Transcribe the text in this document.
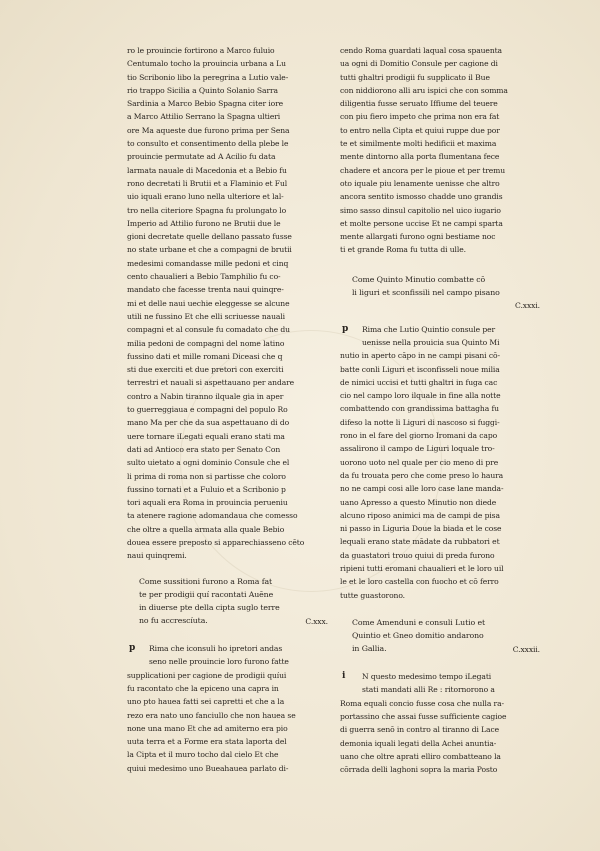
ro le prouincie fortirono a Marco fuluio
Centumalo tocho la prouincia urbana a Lu
tio Scribonio libo la peregrina a Lutio vale-
rio trappo Sicilia a Quinto Solanio Sarra
Sardinia a Marco Bebio Spagna citer iore
a Marco Attilio Serrano la Spagna ultieri
ore Ma aqueste due furono prima per Sena
to consulto et consentimento della plebe le
prouincie permutate ad A Acilio fu data
larmata nauale di Macedonia et a Bebio fu
rono decretati li Brutii et a Flaminio et Ful
uio iquali erano luno nella ulteriore et lal-
tro nella citeriore Spagna fu prolungato lo
Imperio ad Attilio furono ne Brutii due le
gioni decretate quelle dellano passato fusse
no state urbane et che a compagni de brutii
medesimi comandasse mille pedoni et cinq
cento chaualieri a Bebio Tamphilio fu co-
mandato che facesse trenta naui quinqre-
mi et delle naui uechie eleggesse se alcune
utili ne fussino Et che elli scriuesse nauali
compagni et al consule fu comadato che du
milia pedoni de compagni del nome latino
fussino dati et mille romani Diceasi che q
sti due exerciti et due pretori con exerciti
terrestri et nauali si aspettauano per andare
contro a Nabin tiranno ilquale gia in aper
to guerreggiaua e compagni del populo Ro
mano Ma per che da sua aspettauano di do
uere tornare iLegati equali erano stati ma
dati ad Antioco era stato per Senato Con
sulto uietato a ogni dominio Consule che el
li prima di roma non si partisse che coloro
fussino tornati et a Fuluio et a Scribonio p
tori aquali era Roma in prouincia perueniu
ta atenere ragione adomandaua che comesso
che oltre a quella armata alla quale Bebio
douea essere preposto si apparechiasseno cēto
naui quinqremi.
Come sussitioni furono a Roma fat
te per prodigii quí racontati Auēne
in diuerse pte della cipta suglo terre
no fu accrescíuta.	C.xxx.
p	Rima che iconsuli ho ipretori andas
seno nelle prouincie loro furono fatte
supplicationi per cagione de prodigii quíui
fu racontato che la epiceno una capra in
uno pto hauea fatti sei capretti et che a la
rezo era nato uno fanciullo che non hauea se
none una mano Et che ad amiterno era pio
uuta terra et a Forme era stata laporta del
la Cipta et il muro tocho dal cielo Et che
quiui medesimo uno Bueahauea parlato di-
cendo Roma guardati laqual cosa spauenta
ua ogni di Domitio Consule per cagione di
tutti ghaltri prodigii fu supplicato il Bue
con niddiorono alli aru ispici che con somma
diligentia fusse seruato Iffiume del teuere
con piu fiero impeto che prima non era fat
to entro nella Cipta et quiui ruppe due por
te et similmente molti hedificii et maxima
mente dintorno alla porta flumentana fece
chadere et ancora per le pioue et per tremu
oto iquale piu lenamente uenisse che altro
ancora sentito ismosso chadde uno grandis
simo sasso dinsul capitolio nel uico iugario
et molte persone uccise Et ne campi sparta
mente allargati furono ogni bestiame noc
ti et grande Roma fu tutta di ulle.
Come Quinto Minutio combatte cō
li liguri et sconfissili nel campo pisano
C.xxxi.
p	Rima che Lutio Quintio consule per
uenisse nella prouicia sua Quinto Mi
nutio in aperto cāpo in ne campi pisani cō-
batte conli Liguri et isconfisseli noue milia
de nimici uccisi et tutti ghaltri in fuga cac
cio nel campo loro ilquale in fine alla notte
combattendo con grandissima battagha fu
difeso la notte li Liguri di nascoso si fuggi-
rono in el fare del giorno Iromani da capo
assalirono il campo de Liguri loquale tro-
uorono uoto nel quale per cio meno di pre
da fu trouata pero che come preso lo haura
no ne campi cosi alle loro case lane manda-
uano Apresso a questo Minutio non diede
alcuno riposo animici ma de campi de pisa
ni passo in Liguria Doue la biada et le cose
lequali erano state mādate da rubbatori et
da guastatori trouo quiui di preda furono
ripieni tutti eromani chaualieri et le loro uil
le et le loro castella con fuocho et cō ferro
tutte guastorono.
Come Amenduni e consuli Lutio et
Quintio et Gneo domitio andarono
in Gallia.	C.xxxii.
i	N questo medesimo tempo iLegati
stati mandati alli Re : ritornorono a
Roma equali concio fusse cosa che nulla ra-
portassino che assai fusse sufficiente cagioe
di guerra senō in contro al tiranno di Lace
demonia iquali legati della Achei anuntia-
uano che oltre aprati elliro combatteano la
cōrrada delli laghoni sopra la maria Posto
